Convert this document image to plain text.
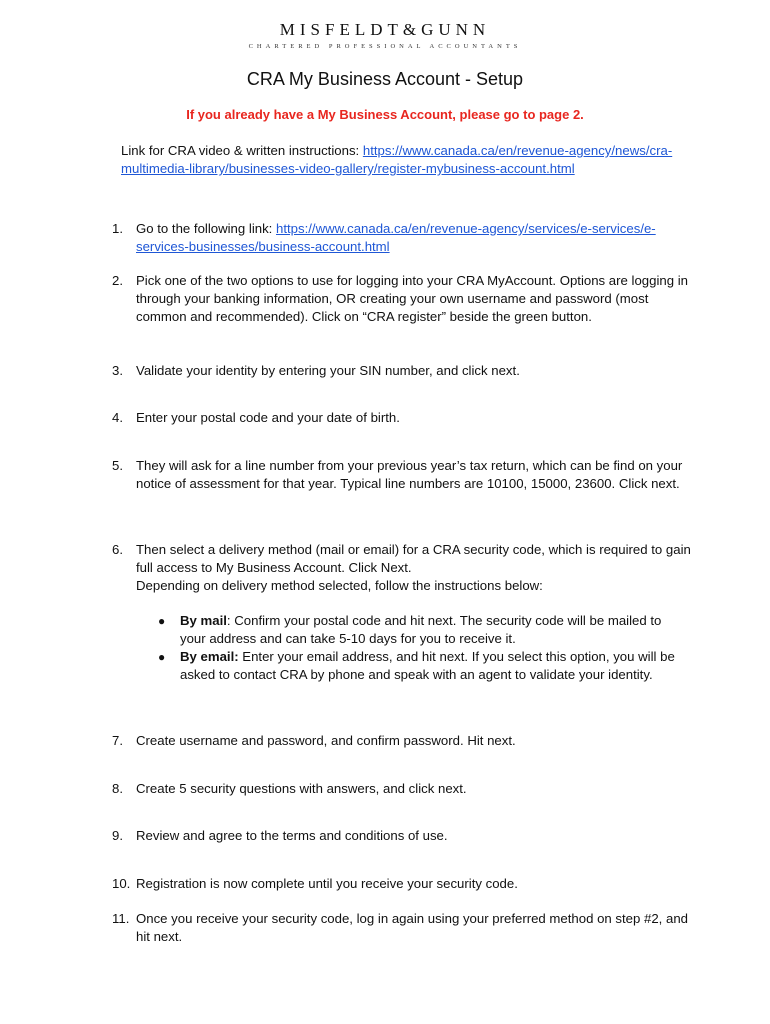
MISFELDT&GUNN
CHARTERED PROFESSIONAL ACCOUNTANTS
CRA My Business Account - Setup
If you already have a My Business Account, please go to page 2.
Link for CRA video & written instructions: https://www.canada.ca/en/revenue-agency/news/cra-multimedia-library/businesses-video-gallery/register-mybusiness-account.html
1. Go to the following link: https://www.canada.ca/en/revenue-agency/services/e-services/e-services-businesses/business-account.html
2. Pick one of the two options to use for logging into your CRA MyAccount. Options are logging in through your banking information, OR creating your own username and password (most common and recommended). Click on “CRA register” beside the green button.
3. Validate your identity by entering your SIN number, and click next.
4. Enter your postal code and your date of birth.
5. They will ask for a line number from your previous year’s tax return, which can be find on your notice of assessment for that year. Typical line numbers are 10100, 15000, 23600. Click next.
6. Then select a delivery method (mail or email) for a CRA security code, which is required to gain full access to My Business Account. Click Next.
Depending on delivery method selected, follow the instructions below:
● By mail: Confirm your postal code and hit next. The security code will be mailed to your address and can take 5-10 days for you to receive it.
● By email: Enter your email address, and hit next. If you select this option, you will be asked to contact CRA by phone and speak with an agent to validate your identity.
7. Create username and password, and confirm password. Hit next.
8. Create 5 security questions with answers, and click next.
9. Review and agree to the terms and conditions of use.
10. Registration is now complete until you receive your security code.
11. Once you receive your security code, log in again using your preferred method on step #2, and hit next.
